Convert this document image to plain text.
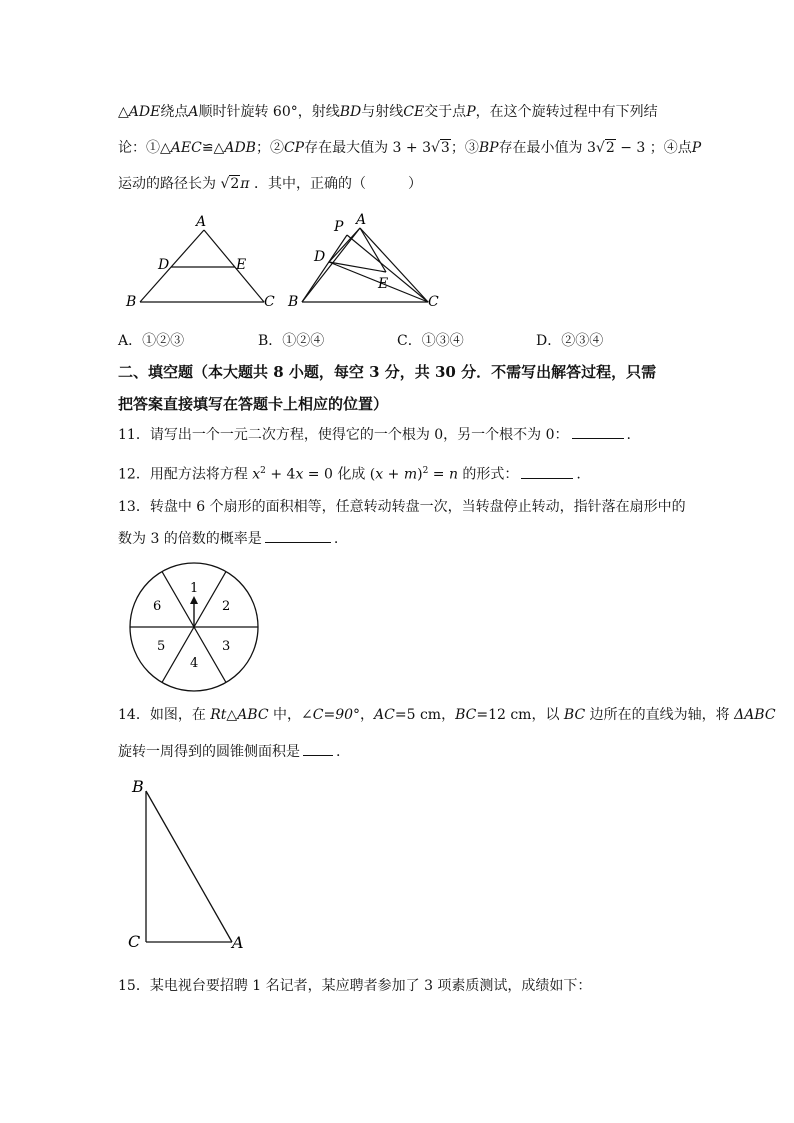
△ADE绕点A顺时针旋转 60°，射线BD与射线CE交于点P，在这个旋转过程中有下列结
论：①△AEC≌△ADB；②CP存在最大值为 3 + 3√3；③BP存在最小值为 3√2 − 3 ；④点P
运动的路径长为 √2π ．其中，正确的（　　　）
A
B	C
D	E
A
P
D
E
B	C
A．①②③	B．①②④	C．①③④	D．②③④
二、填空题（本大题共 8 小题，每空 3 分，共 30 分．不需写出解答过程，只需
把答案直接填写在答题卡上相应的位置）
11．请写出一个一元二次方程，使得它的一个根为 0，另一个根不为 0：	.
12．用配方法将方程 $x^2 + 4x = 0$ 化成 $(x + m)^2 = n$ 的形式：	.
13．转盘中 6 个扇形的面积相等，任意转动转盘一次，当转盘停止转动，指针落在扇形中的
数为 3 的倍数的概率是	.
1
2
3
4
5
6
14．如图，在 Rt△ABC 中，∠C=90°，AC=5 cm，BC=12 cm，以 BC 边所在的直线为轴，将 ΔABC
旋转一周得到的圆锥侧面积是	.
B
C	A
15．某电视台要招聘 1 名记者，某应聘者参加了 3 项素质测试，成绩如下：
